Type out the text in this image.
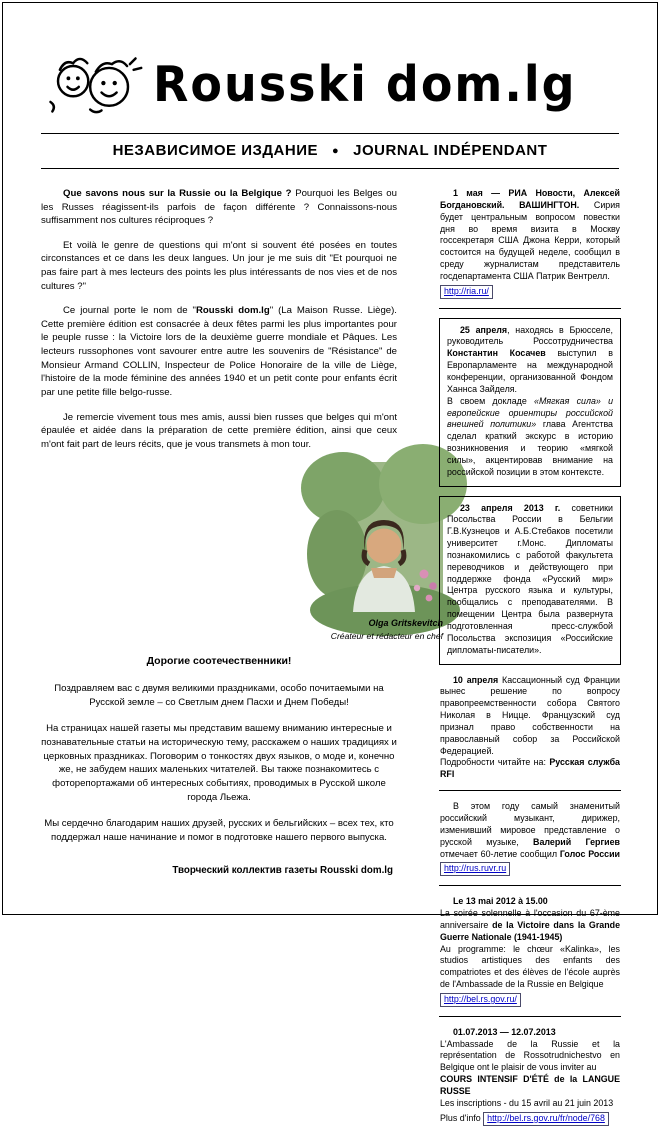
Rousski dom.lg
НЕЗАВИСИМОЕ ИЗДАНИЕ ● JOURNAL INDÉPENDANT

Que savons nous sur la Russie ou la Belgique ? Pourquoi les Belges ou les Russes réagissent-ils parfois de façon différente ? Connaissons-nous suffisamment nos cultures réciproques ?

Et voilà le genre de questions qui m'ont si souvent été posées en toutes circonstances et ce dans les deux langues. Un jour je me suis dit "Et pourquoi ne pas faire part à mes lecteurs des points les plus intéressants de nos vies et de nos cultures ?"

Ce journal porte le nom de "Rousski dom.lg" (La Maison Russe. Liège). Cette première édition est consacrée à deux fêtes parmi les plus importantes pour le peuple russe : la Victoire lors de la deuxième guerre mondiale et Pâques. Les lecteurs russophones vont savourer entre autre les souvenirs de "Résistance" de Monsieur Armand COLLIN, Inspecteur de Police Honoraire de la ville de Liège, l'histoire de la mode féminine des années 1940 et un petit conte pour enfants écrit par une petite fille belgo-russe.

Je remercie vivement tous mes amis, aussi bien russes que belges qui m'ont épaulée et aidée dans la préparation de cette première édition, ainsi que ceux m'ont fait part de leurs récits, que je vous transmets à mon tour.

Olga Gritskevitch
Créateur et rédacteur en chef
Дорогие соотечественники!

Поздравляем вас с двумя великими праздниками, особо почитаемыми на Русской земле – со Светлым днем Пасхи и Днем Победы!

На страницах нашей газеты мы представим вашему вниманию интересные и познавательные статьи на историческую тему, расскажем о наших традициях и церковных праздниках. Поговорим о тонкостях двух языков, о моде и, конечно же, не забудем наших маленьких читателей. Вы также познакомитесь с фоторепортажами об интересных событиях, проводимых в Русской школе города Льежа.

Мы сердечно благодарим наших друзей, русских и бельгийских – всех тех, кто поддержал наше начинание и помог в подготовке нашего первого выпуска.

Творческий коллектив газеты Rousski dom.lg

1 мая — РИА Новости, Алексей Богдановский. ВАШИНГТОН. Сирия будет центральным вопросом повестки дня во время визита в Москву госсекретаря США Джона Керри, который состоится на будущей неделе, сообщил в среду журналистам представитель госдепартамента США Патрик Вентрелл.
http://ria.ru/
25 апреля, находясь в Брюсселе, руководитель Россотрудничества Константин Косачев выступил в Европарламенте на международной конференции, организованной Фондом Ханнса Зайделя.
В своем докладе «Мягкая сила» и европейские ориентиры российской внешней политики» глава Агентства сделал краткий экскурс в историю возникновения и теорию «мягкой силы», акцентировав внимание на российской позиции в этом контексте.
23 апреля 2013 г. советники Посольства России в Бельгии Г.В.Кузнецов и А.Б.Стебаков посетили университет г.Монс. Дипломаты познакомились с работой факультета переводчиков и действующего при поддержке фонда «Русский мир» Центра русского языка и культуры, пообщались с преподавателями. В помещении Центра была развернута подготовленная пресс-службой Посольства экспозиция «Российские дипломаты-писатели».
10 апреля Кассационный суд Франции вынес решение по вопросу правопреемственности собора Святого Николая в Ницце. Французский суд признал право собственности на православный собор за Российской Федерацией.
Подробности читайте на: Русская служба RFI
В этом году самый знаменитый российский музыкант, дирижер, изменивший мировое представление о русской музыке, Валерий Гергиев отмечает 60-летие сообщил Голос России http://rus.ruvr.ru
Le 13 mai 2012 à 15.00
La soirée solennelle à l'occasion du 67-ème anniversaire de la Victoire dans la Grande Guerre Nationale (1941-1945)
Au programme: le chœur «Kalinka», les studios artistiques des enfants des compatriotes et des élèves de l'école auprès de l'Ambassade de la Russie en Belgique
http://bel.rs.gov.ru/
01.07.2013 — 12.07.2013
L'Ambassade de la Russie et la représentation de Rossotrudnichestvo en Belgique ont le plaisir de vous inviter au
COURS INTENSIF D'ÉTÉ de la LANGUE RUSSE
Les inscriptions - du 15 avril au 21 juin 2013
Plus d'info http://bel.rs.gov.ru/fr/node/768
